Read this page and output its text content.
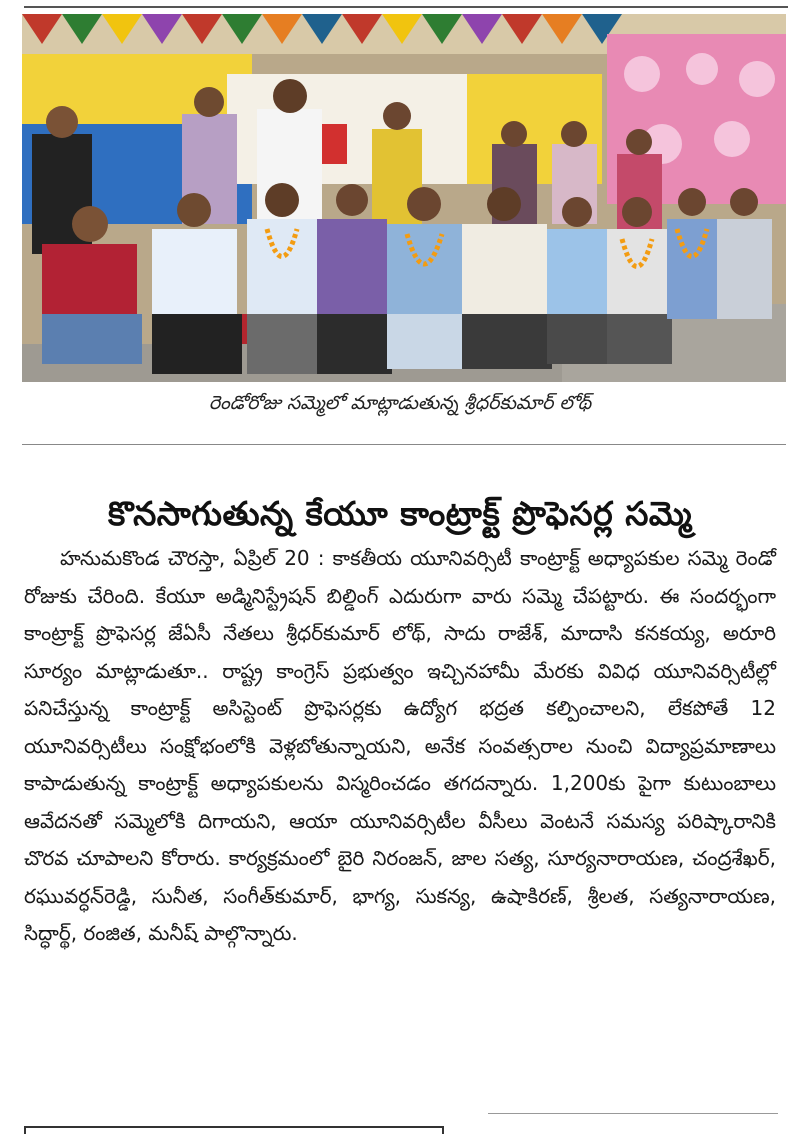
రెండోరోజు సమ్మెలో మాట్లాడుతున్న శ్రీధర్‌కుమార్ లోథ్
కొనసాగుతున్న కేయూ కాంట్రాక్ట్ ప్రొఫెసర్ల సమ్మె

హనుమకొండ చౌరస్తా, ఏప్రిల్ 20 : కాకతీయ యూనివర్సిటీ కాంట్రాక్ట్ అధ్యాపకుల సమ్మె రెండో రోజుకు చేరింది. కేయూ అడ్మినిస్ట్రేషన్ బిల్డింగ్ ఎదురుగా వారు సమ్మె చేపట్టారు. ఈ సందర్భంగా కాంట్రాక్ట్ ప్రొఫెసర్ల జేఏసీ నేతలు శ్రీధర్‌కుమార్ లోథ్, సాదు రాజేశ్, మాదాసి కనకయ్య, అరూరి సూర్యం మాట్లాడుతూ.. రాష్ట్ర కాంగ్రెస్ ప్రభుత్వం ఇచ్చినహామీ మేరకు వివిధ యూనివర్సిటీల్లో పనిచేస్తున్న కాంట్రాక్ట్ అసిస్టెంట్ ప్రొఫెసర్లకు ఉద్యోగ భద్రత కల్పించాలని, లేకపోతే 12 యూనివర్సిటీలు సంక్షోభంలోకి వెళ్లబోతున్నాయని, అనేక సంవత్సరాల నుంచి విద్యాప్రమాణాలు కాపాడుతున్న కాంట్రాక్ట్ అధ్యాపకులను విస్మరించడం తగదన్నారు. 1,200కు పైగా కుటుంబాలు ఆవేదనతో సమ్మెలోకి దిగాయని, ఆయా యూనివర్సిటీల వీసీలు వెంటనే సమస్య పరిష్కారానికి చొరవ చూపాలని కోరారు. కార్యక్రమంలో బైరి నిరంజన్, జాల సత్య, సూర్యనారాయణ, చంద్రశేఖర్, రఘువర్ధన్‌రెడ్డి, సునీత, సంగీత్‌కుమార్, భాగ్య, సుకన్య, ఉషాకిరణ్, శ్రీలత, సత్యనారాయణ, సిద్ధార్థ్, రంజిత, మనీష్ పాల్గొన్నారు.
